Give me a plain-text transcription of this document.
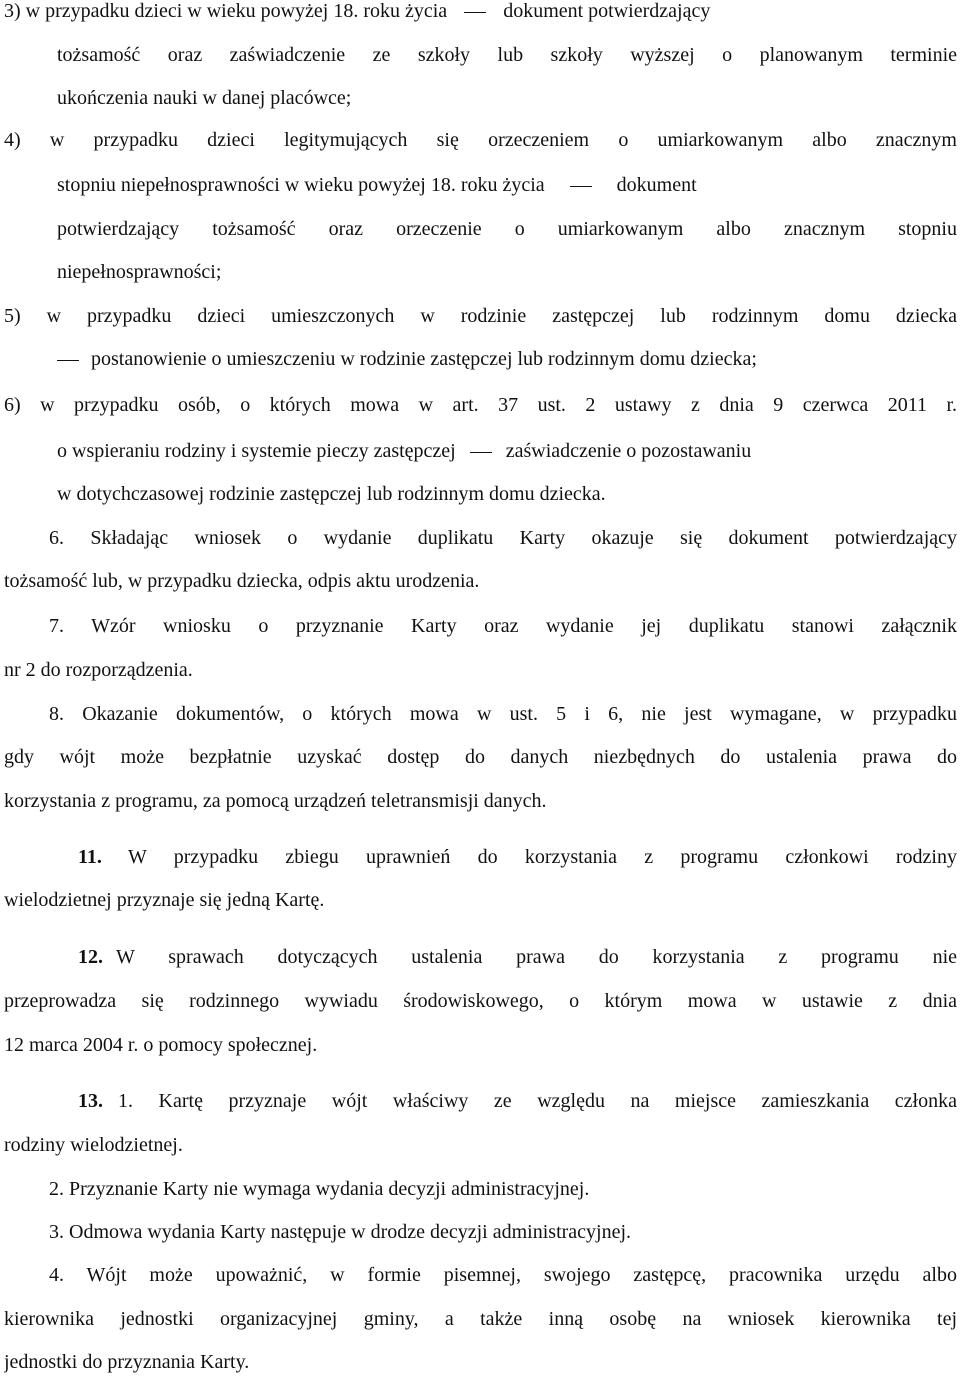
3) w przypadku dzieci w wieku powyżej 18. roku życia	dokument potwierdzający
tożsamość oraz zaświadczenie ze szkoły lub szkoły wyższej o planowanym terminie
ukończenia nauki w danej placówce;
4) w przypadku dzieci legitymujących się orzeczeniem o umiarkowanym albo znacznym
stopniu niepełnosprawności w wieku powyżej 18. roku życia	dokument
potwierdzający tożsamość oraz orzeczenie o umiarkowanym albo znacznym stopniu
niepełnosprawności;
5) w przypadku dzieci umieszczonych w rodzinie zastępczej lub rodzinnym domu dziecka
postanowienie o umieszczeniu w rodzinie zastępczej lub rodzinnym domu dziecka;
6) w przypadku osób, o których mowa w art. 37 ust. 2 ustawy z dnia 9 czerwca 2011 r.
o wspieraniu rodziny i systemie pieczy zastępczej	zaświadczenie o pozostawaniu
w dotychczasowej rodzinie zastępczej lub rodzinnym domu dziecka.
6. Składając wniosek o wydanie duplikatu Karty okazuje się dokument potwierdzający
tożsamość lub, w przypadku dziecka, odpis aktu urodzenia.
7. Wzór wniosku o przyznanie Karty oraz wydanie jej duplikatu stanowi załącznik
nr 2 do rozporządzenia.
8. Okazanie dokumentów, o których mowa w ust. 5 i 6, nie jest wymagane, w przypadku
gdy wójt może bezpłatnie uzyskać dostęp do danych niezbędnych do ustalenia prawa do
korzystania z programu, za pomocą urządzeń teletransmisji danych.
11. W przypadku zbiegu uprawnień do korzystania z programu członkowi rodziny
wielodzietnej przyznaje się jedną Kartę.
12. W sprawach dotyczących ustalenia prawa do korzystania z programu nie
przeprowadza się rodzinnego wywiadu środowiskowego, o którym mowa w ustawie z dnia
12 marca 2004 r. o pomocy społecznej.
13. 1. Kartę przyznaje wójt właściwy ze względu na miejsce zamieszkania członka
rodziny wielodzietnej.
2. Przyznanie Karty nie wymaga wydania decyzji administracyjnej.
3. Odmowa wydania Karty następuje w drodze decyzji administracyjnej.
4. Wójt może upoważnić, w formie pisemnej, swojego zastępcę, pracownika urzędu albo
kierownika jednostki organizacyjnej gminy, a także inną osobę na wniosek kierownika tej
jednostki do przyznania Karty.
